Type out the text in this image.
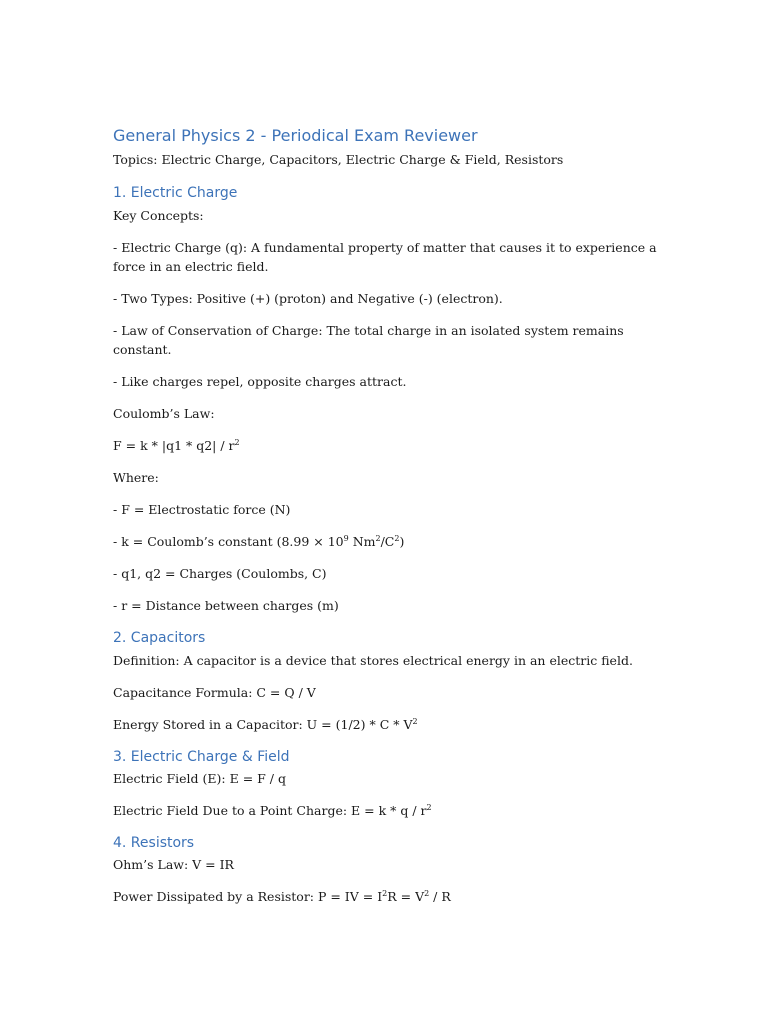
General Physics 2 - Periodical Exam Reviewer

Topics: Electric Charge, Capacitors, Electric Charge & Field, Resistors

1. Electric Charge

Key Concepts:

- Electric Charge (q): A fundamental property of matter that causes it to experience a force in an electric field.

- Two Types: Positive (+) (proton) and Negative (-) (electron).

- Law of Conservation of Charge: The total charge in an isolated system remains constant.

- Like charges repel, opposite charges attract.

Coulomb’s Law:

$F = k * |q1 * q2| / r^2$

Where:

- F = Electrostatic force (N)

- k = Coulomb’s constant ($8.99 \times 10^9$ $Nm^2/C^2$)

- q1, q2 = Charges (Coulombs, C)

- r = Distance between charges (m)

2. Capacitors

Definition: A capacitor is a device that stores electrical energy in an electric field.

Capacitance Formula: C = Q / V

Energy Stored in a Capacitor: $U = (1/2) * C * V^2$

3. Electric Charge & Field

Electric Field (E): E = F / q

Electric Field Due to a Point Charge: $E = k * q / r^2$

4. Resistors

Ohm’s Law: V = IR

Power Dissipated by a Resistor: P = IV = $I^2R = V^2 / R$
